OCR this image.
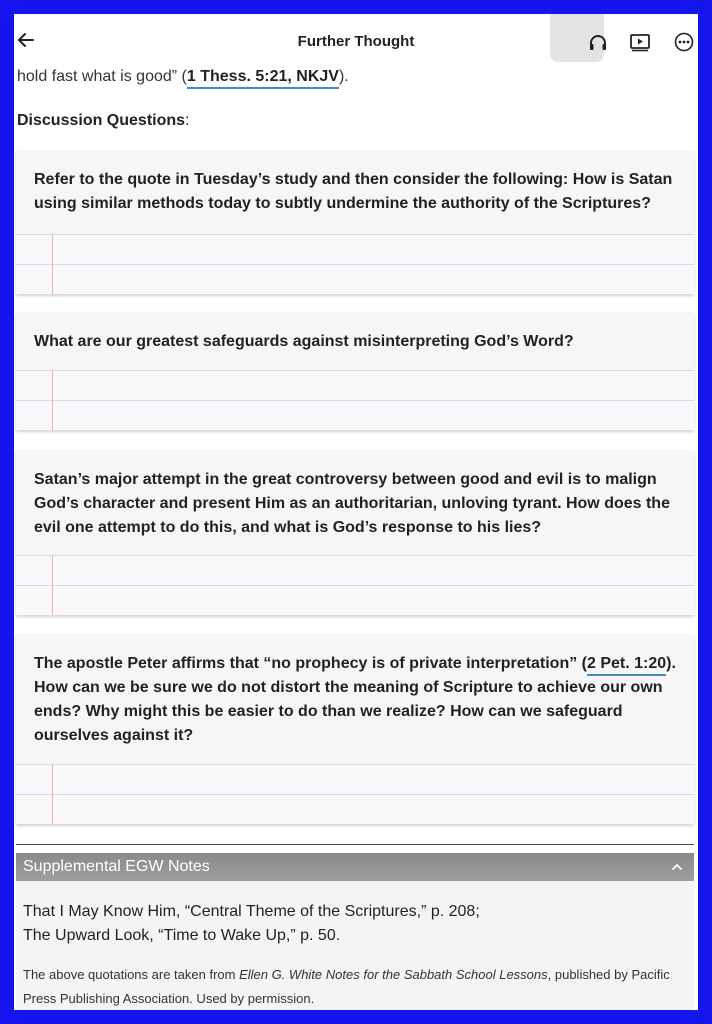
Further Thought
hold fast what is good” (1 Thess. 5:21, NKJV).
Discussion Questions:
Refer to the quote in Tuesday’s study and then consider the following: How is Satan using similar methods today to subtly undermine the authority of the Scriptures?
What are our greatest safeguards against misinterpreting God’s Word?
Satan’s major attempt in the great controversy between good and evil is to malign God’s character and present Him as an authoritarian, unloving tyrant. How does the evil one attempt to do this, and what is God’s response to his lies?
The apostle Peter affirms that “no prophecy is of private interpretation” (2 Pet. 1:20). How can we be sure we do not distort the meaning of Scripture to achieve our own ends? Why might this be easier to do than we realize? How can we safeguard ourselves against it?
Supplemental EGW Notes
That I May Know Him, “Central Theme of the Scriptures,” p. 208;
The Upward Look, “Time to Wake Up,” p. 50.
The above quotations are taken from Ellen G. White Notes for the Sabbath School Lessons, published by Pacific Press Publishing Association. Used by permission.
